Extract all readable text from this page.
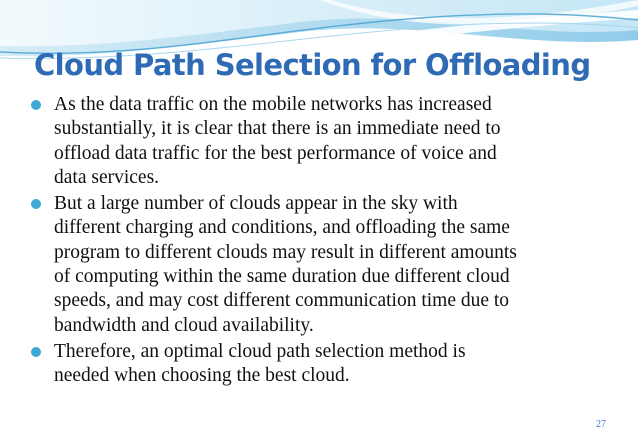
Cloud Path Selection for Offloading
As the data traffic on the mobile networks has increased
substantially, it is clear that there is an immediate need to
offload data traffic for the best performance of voice and
data services.
But a large number of clouds appear in the sky with
different charging and conditions, and offloading the same
program to different clouds may result in different amounts
of computing within the same duration due different cloud
speeds, and may cost different communication time due to
bandwidth and cloud availability.
Therefore, an optimal cloud path selection method is
needed when choosing the best cloud.
27
